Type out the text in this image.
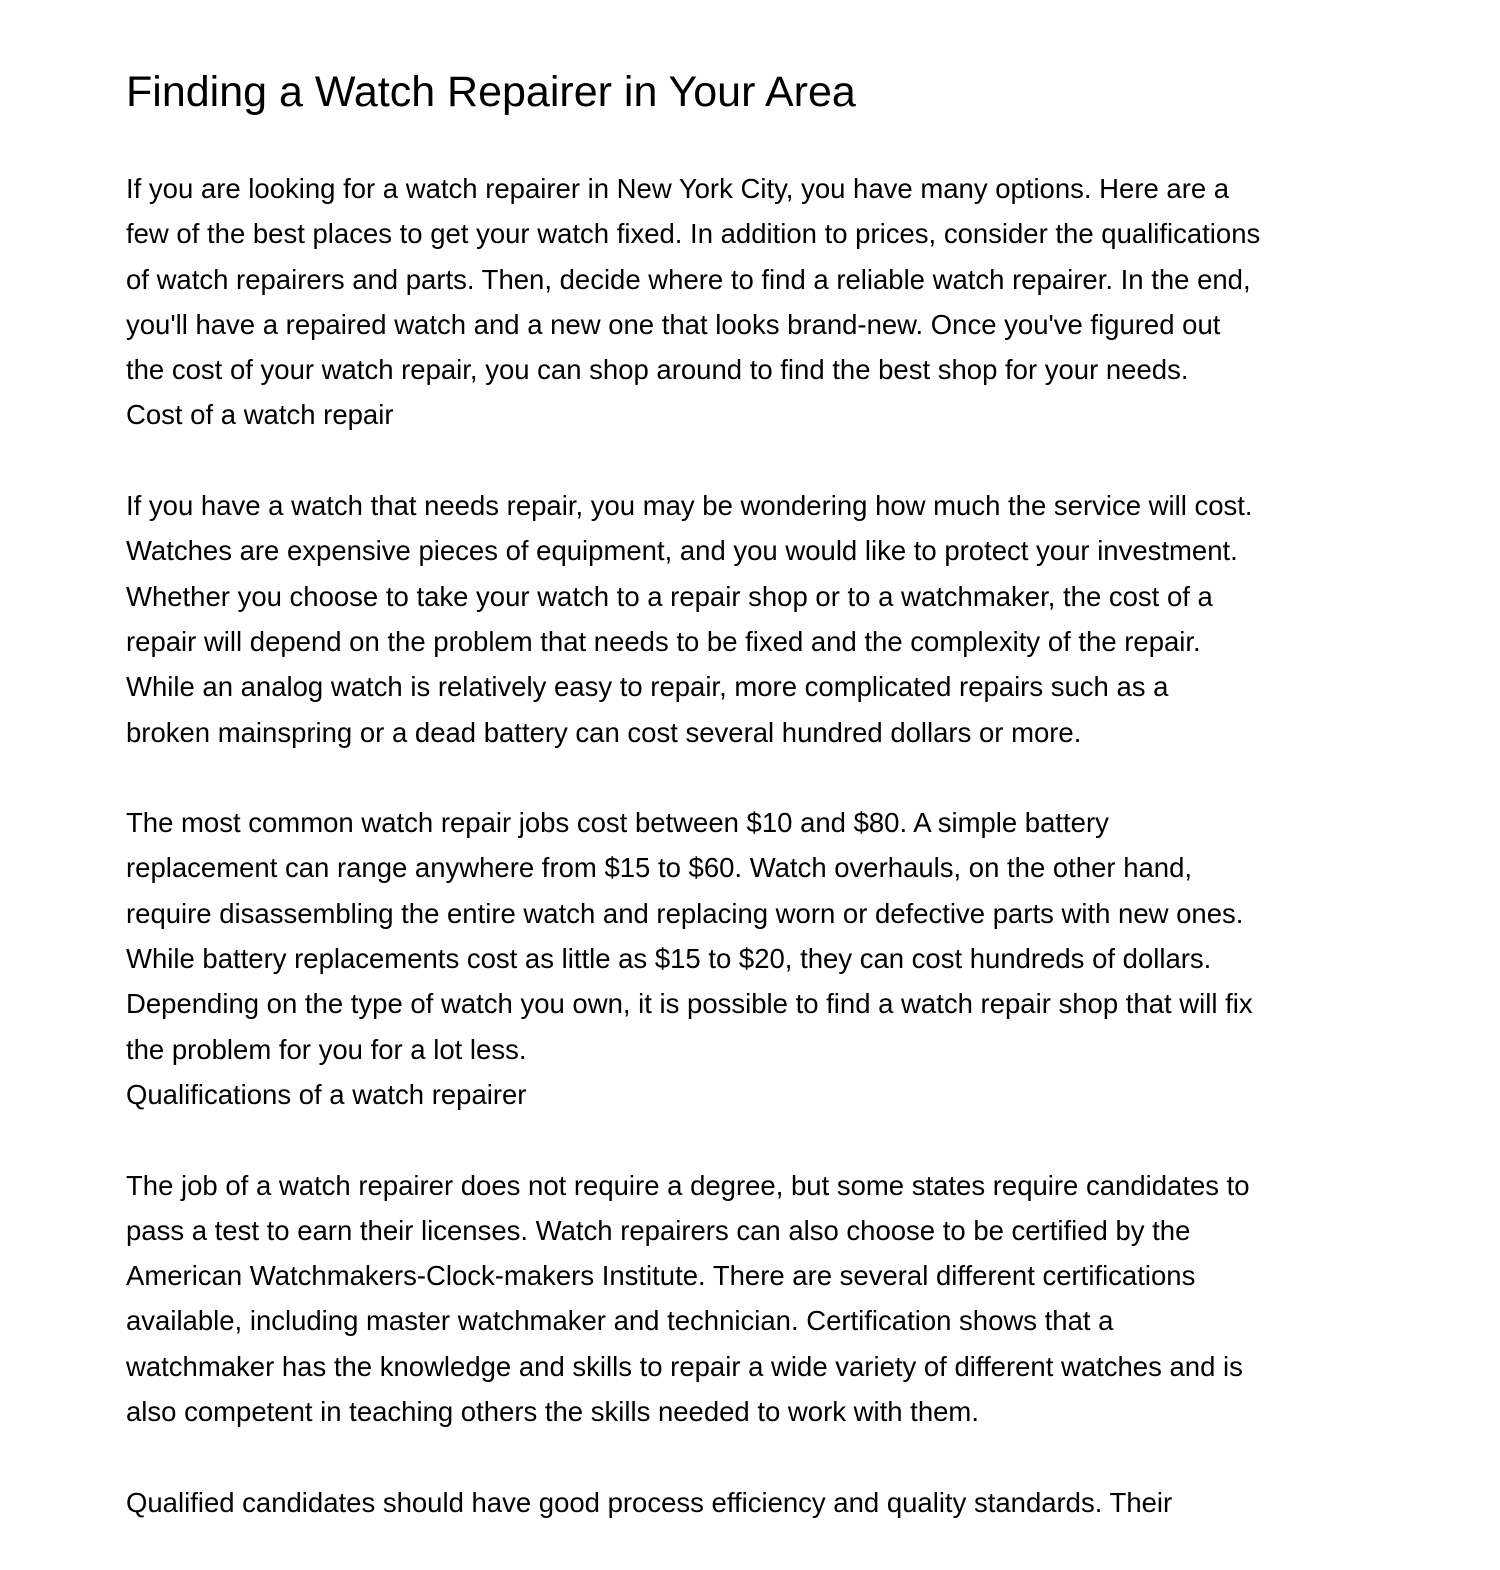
Finding a Watch Repairer in Your Area
If you are looking for a watch repairer in New York City, you have many options. Here are a
few of the best places to get your watch fixed. In addition to prices, consider the qualifications
of watch repairers and parts. Then, decide where to find a reliable watch repairer. In the end,
you'll have a repaired watch and a new one that looks brand-new. Once you've figured out
the cost of your watch repair, you can shop around to find the best shop for your needs.
Cost of a watch repair
If you have a watch that needs repair, you may be wondering how much the service will cost.
Watches are expensive pieces of equipment, and you would like to protect your investment.
Whether you choose to take your watch to a repair shop or to a watchmaker, the cost of a
repair will depend on the problem that needs to be fixed and the complexity of the repair.
While an analog watch is relatively easy to repair, more complicated repairs such as a
broken mainspring or a dead battery can cost several hundred dollars or more.
The most common watch repair jobs cost between $10 and $80. A simple battery
replacement can range anywhere from $15 to $60. Watch overhauls, on the other hand,
require disassembling the entire watch and replacing worn or defective parts with new ones.
While battery replacements cost as little as $15 to $20, they can cost hundreds of dollars.
Depending on the type of watch you own, it is possible to find a watch repair shop that will fix
the problem for you for a lot less.
Qualifications of a watch repairer
The job of a watch repairer does not require a degree, but some states require candidates to
pass a test to earn their licenses. Watch repairers can also choose to be certified by the
American Watchmakers-Clock-makers Institute. There are several different certifications
available, including master watchmaker and technician. Certification shows that a
watchmaker has the knowledge and skills to repair a wide variety of different watches and is
also competent in teaching others the skills needed to work with them.
Qualified candidates should have good process efficiency and quality standards. Their
